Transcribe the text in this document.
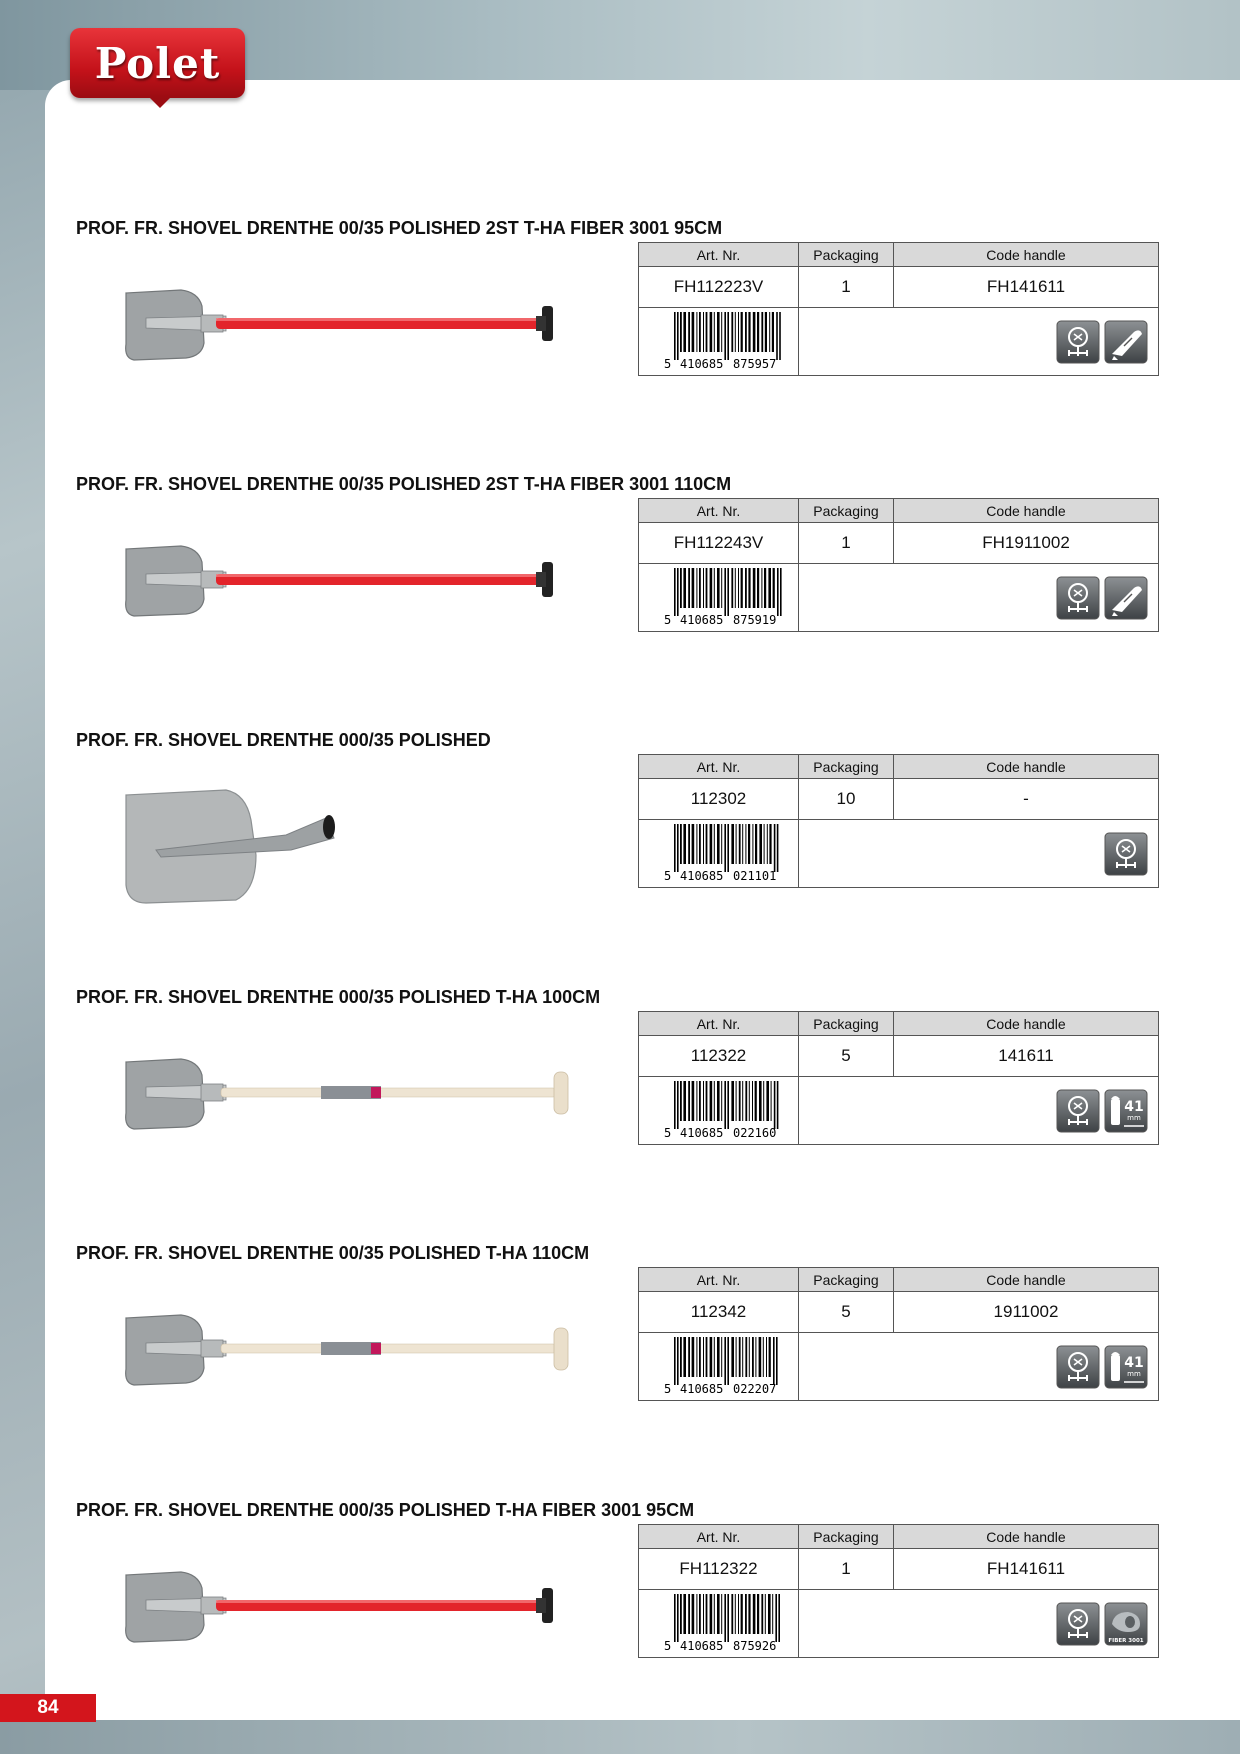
Polet
PROF. FR. SHOVEL DRENTHE 00/35 POLISHED 2ST T-HA FIBER 3001 95CM
Art. Nr.	Packaging	Code handle
FH112223V	1	FH141611

5 410685 875957

PROF. FR. SHOVEL DRENTHE 00/35 POLISHED 2ST T-HA FIBER 3001 110CM
Art. Nr.	Packaging	Code handle
FH112243V	1	FH1911002

5 410685 875919

PROF. FR. SHOVEL DRENTHE 000/35 POLISHED
Art. Nr.	Packaging	Code handle
112302	10	-

5 410685 021101

PROF. FR. SHOVEL DRENTHE 000/35 POLISHED T-HA 100CM
Art. Nr.	Packaging	Code handle
112322	5	141611

5 410685 022160	41
mm	
PROF. FR. SHOVEL DRENTHE 00/35 POLISHED T-HA 110CM
Art. Nr.	Packaging	Code handle
112342	5	1911002

5 410685 022207	41
mm	
PROF. FR. SHOVEL DRENTHE 000/35 POLISHED T-HA FIBER 3001 95CM
Art. Nr.	Packaging	Code handle
FH112322	1	FH141611

5 410685 875926	FIBER 3001	
84
